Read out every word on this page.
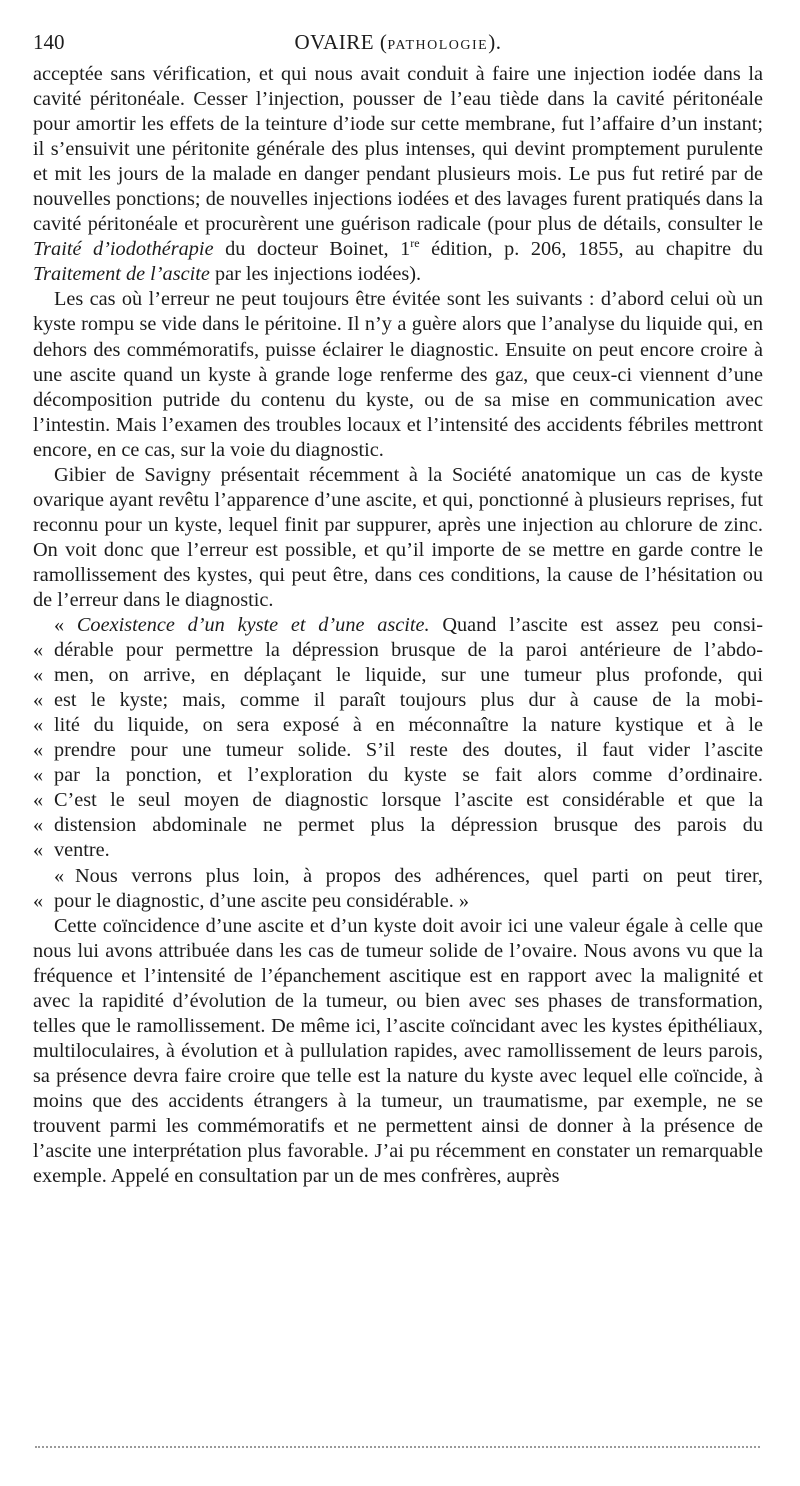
140	OVAIRE (PATHOLOGIE).

acceptée sans vérification, et qui nous avait conduit à faire une injection iodée dans la cavité péritonéale. Cesser l’injection, pousser de l’eau tiède dans la cavité péritonéale pour amortir les effets de la teinture d’iode sur cette membrane, fut l’affaire d’un instant; il s’ensuivit une péritonite générale des plus intenses, qui devint promptement purulente et mit les jours de la malade en danger pendant plusieurs mois. Le pus fut retiré par de nouvelles ponctions; de nouvelles injections iodées et des lavages furent pratiqués dans la cavité péritonéale et procurèrent une guérison radicale (pour plus de détails, consulter le Traité d’iodothérapie du docteur Boinet, 1re édition, p. 206, 1855, au chapitre du Traitement de l’ascite par les injections iodées).

Les cas où l’erreur ne peut toujours être évitée sont les suivants : d’abord celui où un kyste rompu se vide dans le péritoine. Il n’y a guère alors que l’analyse du liquide qui, en dehors des commémoratifs, puisse éclairer le diagnostic. Ensuite on peut encore croire à une ascite quand un kyste à grande loge renferme des gaz, que ceux-ci viennent d’une décomposition putride du contenu du kyste, ou de sa mise en communication avec l’intestin. Mais l’examen des troubles locaux et l’intensité des accidents fébriles mettront encore, en ce cas, sur la voie du diagnostic.

Gibier de Savigny présentait récemment à la Société anatomique un cas de kyste ovarique ayant revêtu l’apparence d’une ascite, et qui, ponctionné à plusieurs reprises, fut reconnu pour un kyste, lequel finit par suppurer, après une injection au chlorure de zinc. On voit donc que l’erreur est possible, et qu’il importe de se mettre en garde contre le ramollissement des kystes, qui peut être, dans ces conditions, la cause de l’hésitation ou de l’erreur dans le diagnostic.

« Coexistence d’un kyste et d’une ascite. Quand l’ascite est assez peu consi-
« dérable pour permettre la dépression brusque de la paroi antérieure de l’abdo-
« men, on arrive, en déplaçant le liquide, sur une tumeur plus profonde, qui
« est le kyste; mais, comme il paraît toujours plus dur à cause de la mobi-
« lité du liquide, on sera exposé à en méconnaître la nature kystique et à le
« prendre pour une tumeur solide. S’il reste des doutes, il faut vider l’ascite
« par la ponction, et l’exploration du kyste se fait alors comme d’ordinaire.
« C’est le seul moyen de diagnostic lorsque l’ascite est considérable et que la
« distension abdominale ne permet plus la dépression brusque des parois du
« ventre.
« Nous verrons plus loin, à propos des adhérences, quel parti on peut tirer,
« pour le diagnostic, d’une ascite peu considérable. »

Cette coïncidence d’une ascite et d’un kyste doit avoir ici une valeur égale à celle que nous lui avons attribuée dans les cas de tumeur solide de l’ovaire. Nous avons vu que la fréquence et l’intensité de l’épanchement ascitique est en rapport avec la malignité et avec la rapidité d’évolution de la tumeur, ou bien avec ses phases de transformation, telles que le ramollissement. De même ici, l’ascite coïncidant avec les kystes épithéliaux, multiloculaires, à évolution et à pullulation rapides, avec ramollissement de leurs parois, sa présence devra faire croire que telle est la nature du kyste avec lequel elle coïncide, à moins que des accidents étrangers à la tumeur, un traumatisme, par exemple, ne se trouvent parmi les commémoratifs et ne permettent ainsi de donner à la présence de l’ascite une interprétation plus favorable. J’ai pu récemment en constater un remarquable exemple. Appelé en consultation par un de mes confrères, auprès
